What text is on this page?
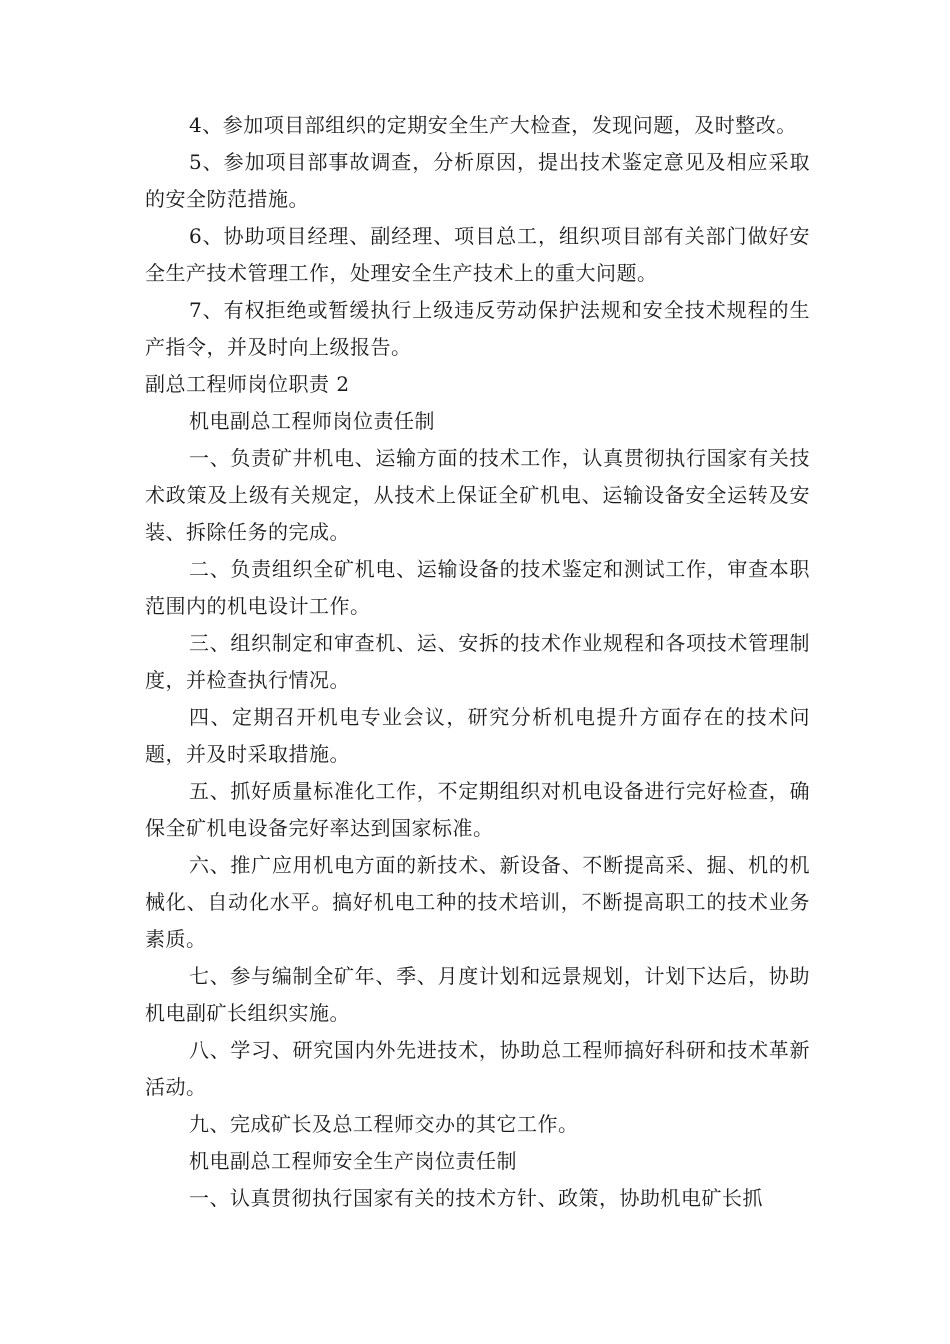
4、参加项目部组织的定期安全生产大检查，发现问题，及时整改。

5、参加项目部事故调查，分析原因，提出技术鉴定意见及相应采取的安全防范措施。

6、协助项目经理、副经理、项目总工，组织项目部有关部门做好安全生产技术管理工作，处理安全生产技术上的重大问题。

7、有权拒绝或暂缓执行上级违反劳动保护法规和安全技术规程的生产指令，并及时向上级报告。

副总工程师岗位职责 2

机电副总工程师岗位责任制

一、负责矿井机电、运输方面的技术工作，认真贯彻执行国家有关技术政策及上级有关规定，从技术上保证全矿机电、运输设备安全运转及安装、拆除任务的完成。

二、负责组织全矿机电、运输设备的技术鉴定和测试工作，审查本职范围内的机电设计工作。

三、组织制定和审查机、运、安拆的技术作业规程和各项技术管理制度，并检查执行情况。

四、定期召开机电专业会议，研究分析机电提升方面存在的技术问题，并及时采取措施。

五、抓好质量标准化工作，不定期组织对机电设备进行完好检查，确保全矿机电设备完好率达到国家标准。

六、推广应用机电方面的新技术、新设备、不断提高采、掘、机的机械化、自动化水平。搞好机电工种的技术培训，不断提高职工的技术业务素质。

七、参与编制全矿年、季、月度计划和远景规划，计划下达后，协助机电副矿长组织实施。

八、学习、研究国内外先进技术，协助总工程师搞好科研和技术革新活动。

九、完成矿长及总工程师交办的其它工作。

机电副总工程师安全生产岗位责任制

一、认真贯彻执行国家有关的技术方针、政策，协助机电矿长抓
